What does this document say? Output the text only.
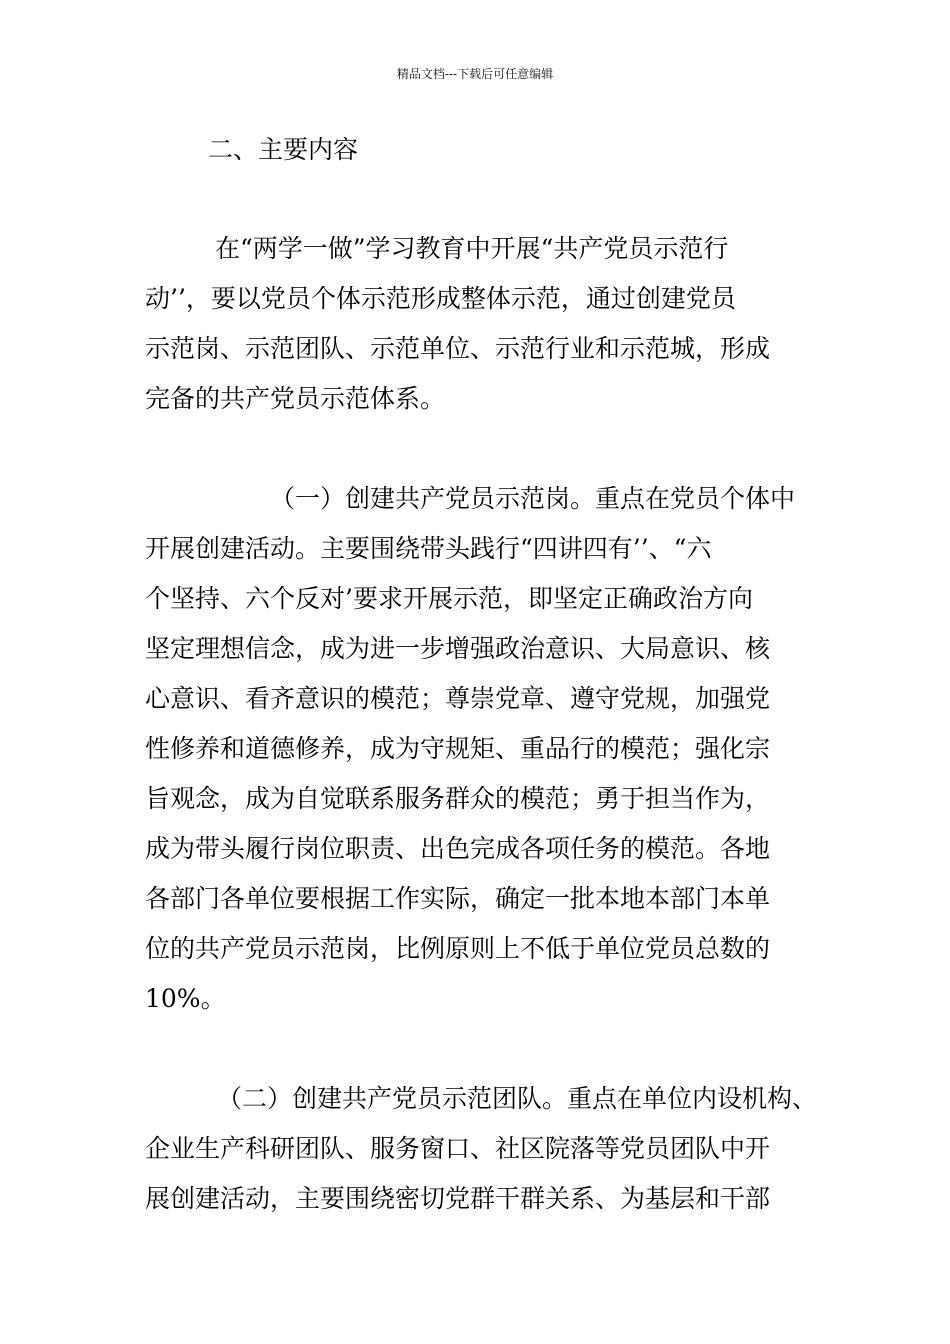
精品文档---下载后可任意编辑
二、主要内容
在“两学一做”学习教育中开展“共产党员示范行
动’’，要以党员个体示范形成整体示范，通过创建党员
示范岗、示范团队、示范单位、示范行业和示范城，形成
完备的共产党员示范体系。
（一）创建共产党员示范岗。重点在党员个体中
开展创建活动。主要围绕带头践行“四讲四有’’、“六
个坚持、六个反对’要求开展示范，即坚定正确政治方向
坚定理想信念，成为进一步增强政治意识、大局意识、核
心意识、看齐意识的模范；尊崇党章、遵守党规，加强党
性修养和道德修养，成为守规矩、重品行的模范；强化宗
旨观念，成为自觉联系服务群众的模范；勇于担当作为，
成为带头履行岗位职责、出色完成各项任务的模范。各地
各部门各单位要根据工作实际，确定一批本地本部门本单
位的共产党员示范岗，比例原则上不低于单位党员总数的
10%。
（二）创建共产党员示范团队。重点在单位内设机构、
企业生产科研团队、服务窗口、社区院落等党员团队中开
展创建活动，主要围绕密切党群干群关系、为基层和干部
